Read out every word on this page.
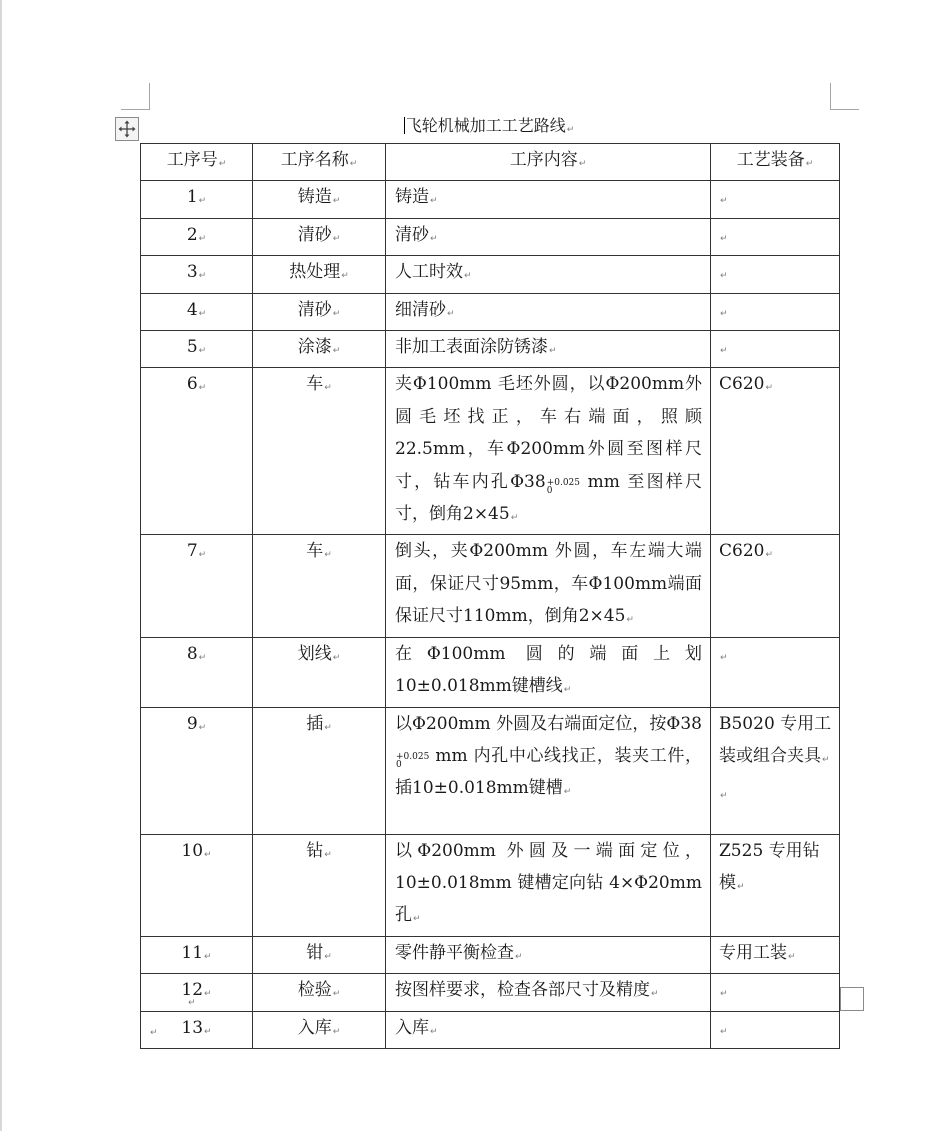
飞轮机械加工工艺路线↵
工序号↵	工序名称↵	工序内容↵	工艺装备↵
1↵	铸造↵	铸造↵	↵
2↵	清砂↵	清砂↵	↵
3↵	热处理↵	人工时效↵	↵
4↵	清砂↵	细清砂↵	↵
5↵	涂漆↵	非加工表面涂防锈漆↵	↵
6↵	车↵	夹Φ100mm 毛坯外圆，以Φ200mm外圆毛坯找正，车右端面，照顾22.5mm，车Φ200mm外圆至图样尺寸，钻车内孔Φ38 +0.025
0 mm 至图样尺寸，倒角2×45↵	C620↵
7↵	车↵	倒头，夹Φ200mm 外圆，车左端大端面，保证尺寸95mm，车Φ100mm端面保证尺寸110mm，倒角2×45↵	C620↵
8↵	划线↵	在Φ100mm 圆的端面上划 10±0.018mm键槽线↵	↵
9↵	插↵	以Φ200mm 外圆及右端面定位，按Φ38
+0.025
0 mm 内孔中心线找正，装夹工件，插10±0.018mm键槽↵	B5020 专用工装或组合夹具↵
↵

10↵	钻↵	以Φ200mm 外圆及一端面定位，10±0.018mm 键槽定向钻 4×Φ20mm孔↵	Z525 专用钻模↵
11↵	钳↵	零件静平衡检查↵	专用工装↵
12↵	检验↵	按图样要求，检查各部尺寸及精度↵	↵
13↵	入库↵	入库↵	↵
↵
↵
